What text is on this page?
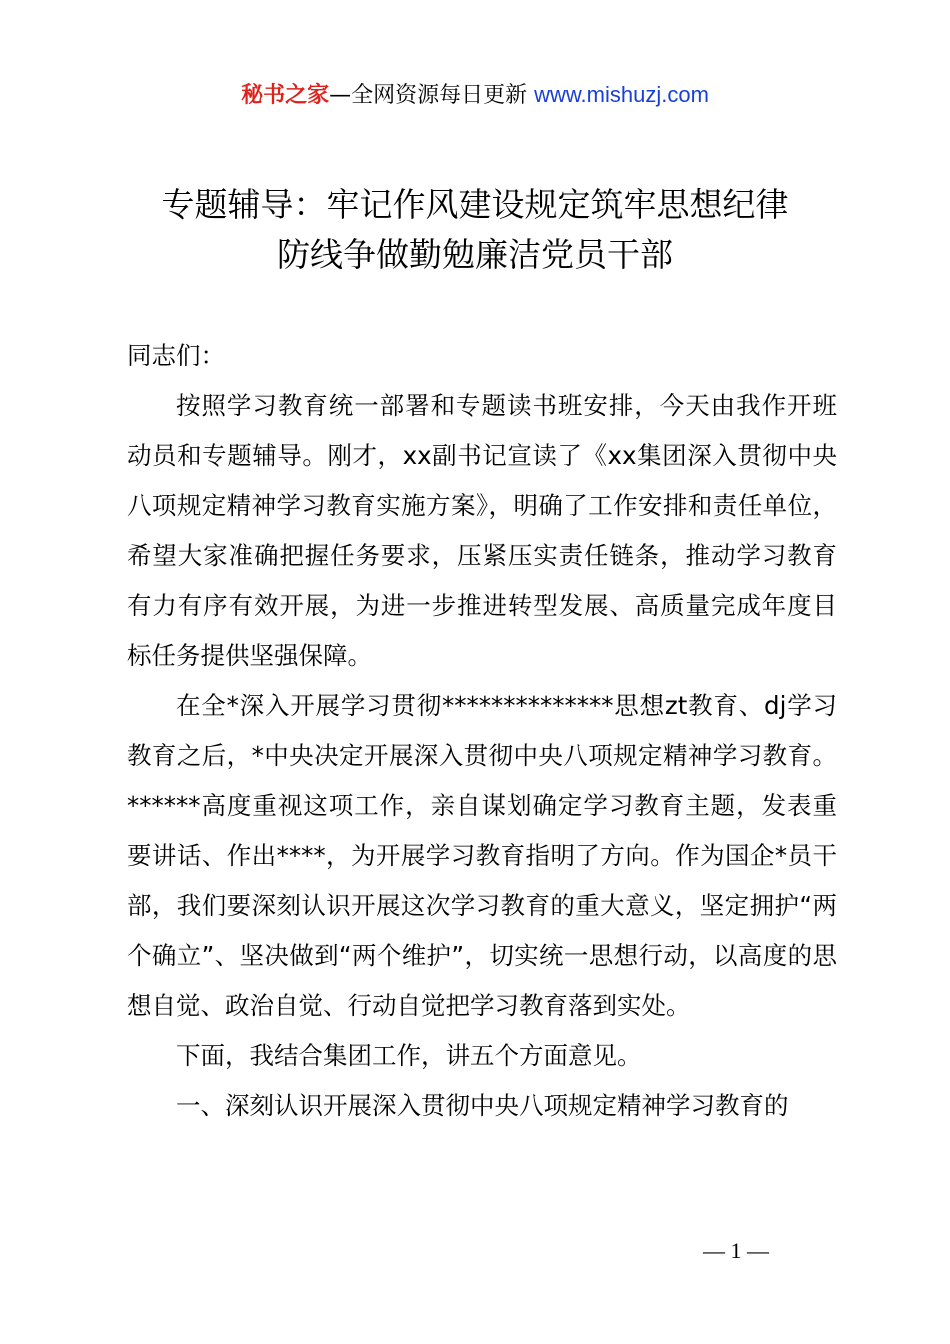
秘书之家—全网资源每日更新 www.mishuzj.com
专题辅导：牢记作风建设规定筑牢思想纪律
防线争做勤勉廉洁党员干部

同志们：

按照学习教育统一部署和专题读书班安排，今天由我作开班动员和专题辅导。刚才，xx副书记宣读了《xx集团深入贯彻中央八项规定精神学习教育实施方案》，明确了工作安排和责任单位，希望大家准确把握任务要求，压紧压实责任链条，推动学习教育有力有序有效开展，为进一步推进转型发展、高质量完成年度目标任务提供坚强保障。

在全*深入开展学习贯彻**************思想zt教育、dj学习教育之后，*中央决定开展深入贯彻中央八项规定精神学习教育。******高度重视这项工作，亲自谋划确定学习教育主题，发表重要讲话、作出****，为开展学习教育指明了方向。作为国企*员干部，我们要深刻认识开展这次学习教育的重大意义，坚定拥护“两个确立”、坚决做到“两个维护”，切实统一思想行动，以高度的思想自觉、政治自觉、行动自觉把学习教育落到实处。

下面，我结合集团工作，讲五个方面意见。

一、深刻认识开展深入贯彻中央八项规定精神学习教育的

— 1 —
